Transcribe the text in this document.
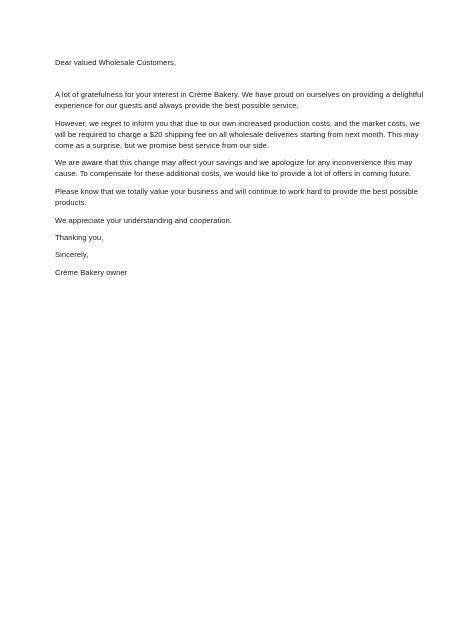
Dear valued Wholesale Customers,

A lot of gratefulness for your interest in Crème Bakery. We have proud on ourselves on providing a delightful experience for our guests and always provide the best possible service.

However, we regret to inform you that due to our own increased production costs, and the market costs, we will be required to charge a $20 shipping fee on all wholesale deliveries starting from next month. This may come as a surprise, but we promise best service from our side.

We are aware that this change may affect your savings and we apologize for any inconvenience this may cause. To compensate for these additional costs, we would like to provide a lot of offers in coming future.

Please know that we totally value your business and will continue to work hard to provide the best possible products.

We appreciate your understanding and cooperation.

Thanking you,

Sincerely,

Crème Bakery owner
